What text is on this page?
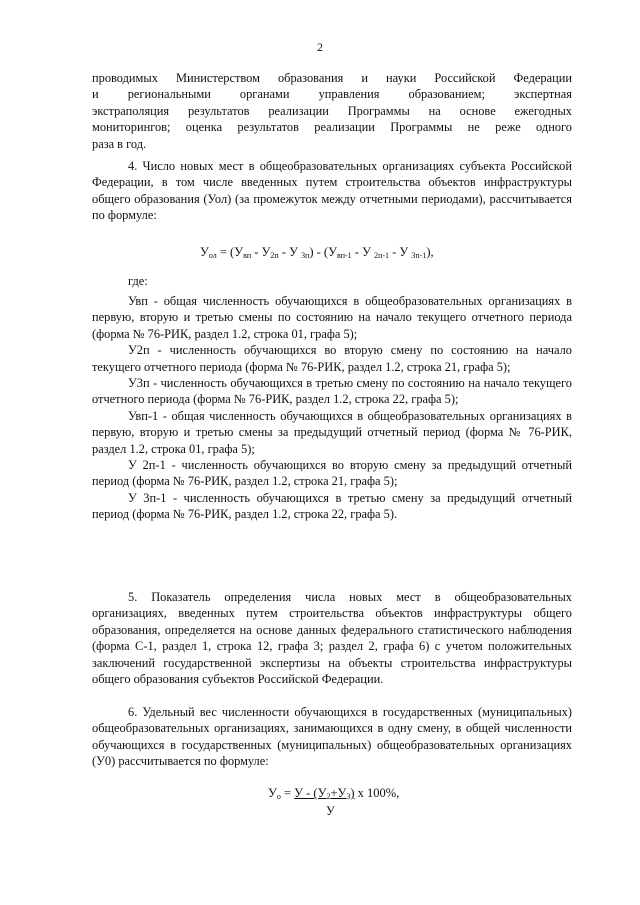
2

проводимых Министерством образования и науки Российской Федерации

и региональными органами управления образованием; экспертная

экстраполяция результатов реализации Программы на основе ежегодных

мониторингов; оценка результатов реализации Программы не реже одного

раза в год.

4. Число новых мест в общеобразовательных организациях субъекта Российской Федерации, в том числе введенных путем строительства объектов инфраструктуры общего образования (Уол) (за промежуток между отчетными периодами), рассчитывается по формуле:

$У_{ол} = (У_{вп} - У_{2п} - У$ $_{3п}) - (У_{вп-1}$ - У $_{2п-1}$ - У $_{3п-1}$),
где:

Увп - общая численность обучающихся в общеобразовательных организациях в первую, вторую и третью смены по состоянию на начало текущего отчетного периода (форма № 76-РИК, раздел 1.2, строка 01, графа 5);

У2п - численность обучающихся во вторую смену по состоянию на начало текущего отчетного периода (форма № 76-РИК, раздел 1.2, строка 21, графа 5);

У3п - численность обучающихся в третью смену по состоянию на начало текущего отчетного периода (форма № 76-РИК, раздел 1.2, строка 22, графа 5);

Увп-1 - общая численность обучающихся в общеобразовательных организациях в первую, вторую и третью смены за предыдущий отчетный период (форма № 76-РИК, раздел 1.2, строка 01, графа 5);

У 2п-1 - численность обучающихся во вторую смену за предыдущий отчетный период (форма № 76-РИК, раздел 1.2, строка 21, графа 5);

У 3п-1 - численность обучающихся в третью смену за предыдущий отчетный период (форма № 76-РИК, раздел 1.2, строка 22, графа 5).

5. Показатель определения числа новых мест в общеобразовательных организациях, введенных путем строительства объектов инфраструктуры общего образования, определяется на основе данных федерального статистического наблюдения (форма С-1, раздел 1, строка 12, графа 3; раздел 2, графа 6) с учетом положительных заключений государственной экспертизы на объекты строительства инфраструктуры общего образования субъектов Российской Федерации.

6. Удельный вес численности обучающихся в государственных (муниципальных) общеобразовательных организациях, занимающихся в одну смену, в общей численности обучающихся в государственных (муниципальных) общеобразовательных организациях (У0) рассчитывается по формуле:

$У_о = У - (У_2+У_3)$ х 100%,
У
